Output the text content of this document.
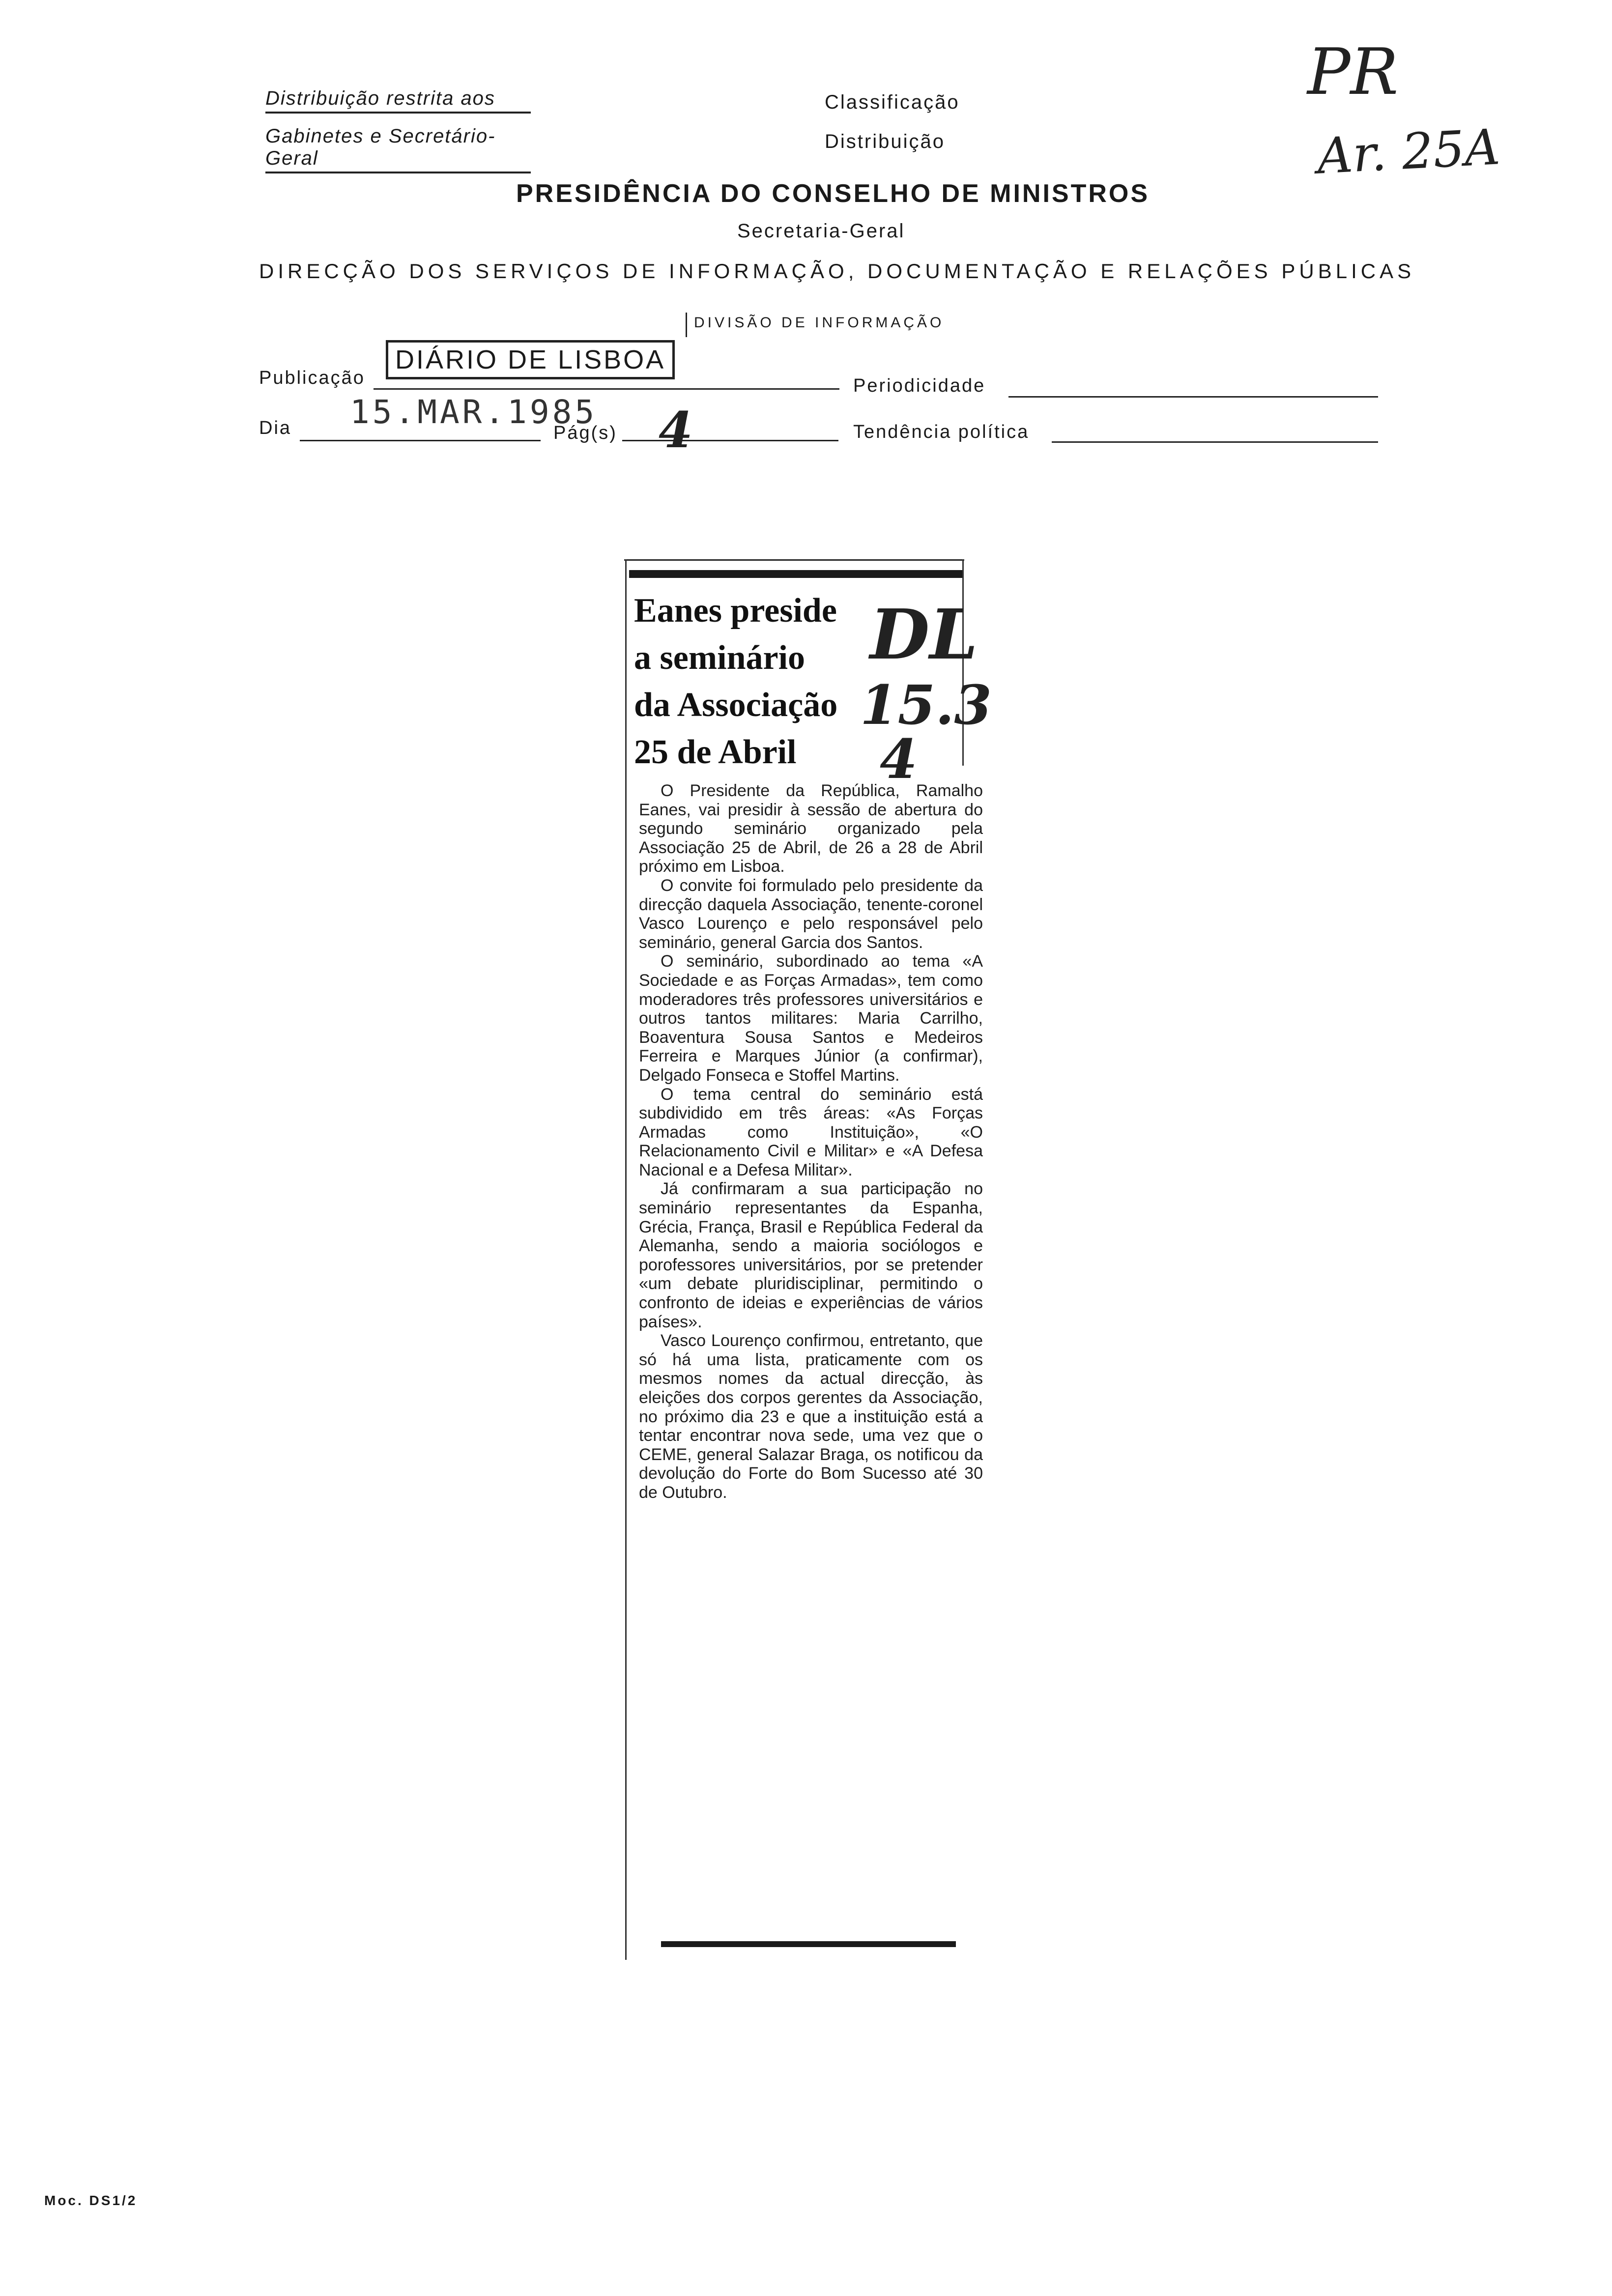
Distribuição restrita aos
Gabinetes e Secretário-Geral
Classificação
Distribuição
PR
Ar. 25A
PRESIDÊNCIA DO CONSELHO DE MINISTROS
Secretaria-Geral
DIRECÇÃO DOS SERVIÇOS DE INFORMAÇÃO, DOCUMENTAÇÃO E RELAÇÕES PÚBLICAS
DIVISÃO DE INFORMAÇÃO
Publicação
DIÁRIO DE LISBOA
Periodicidade
Dia 15.MAR.1985
Pág(s) 4	Tendência política
Eanes preside
a seminário
da Associação
25 de Abril
DL
15.3
4

O Presidente da República, Ramalho Eanes, vai presidir à sessão de abertura do segundo seminário organizado pela Associação 25 de Abril, de 26 a 28 de Abril próximo em Lisboa.

O convite foi formulado pelo presidente da direcção daquela Associação, tenente-coronel Vasco Lourenço e pelo responsável pelo seminário, general Garcia dos Santos.

O seminário, subordinado ao tema «A Sociedade e as Forças Armadas», tem como moderadores três professores universitários e outros tantos militares: Maria Carrilho, Boaventura Sousa Santos e Medeiros Ferreira e Marques Júnior (a confirmar), Delgado Fonseca e Stoffel Martins.

O tema central do seminário está subdividido em três áreas: «As Forças Armadas como Instituição», «O Relacionamento Civil e Militar» e «A Defesa Nacional e a Defesa Militar».

Já confirmaram a sua participação no seminário representantes da Espanha, Grécia, França, Brasil e República Federal da Alemanha, sendo a maioria sociólogos e porofessores universitários, por se pretender «um debate pluridisciplinar, permitindo o confronto de ideias e experiências de vários países».

Vasco Lourenço confirmou, entretanto, que só há uma lista, praticamente com os mesmos nomes da actual direcção, às eleições dos corpos gerentes da Associação, no próximo dia 23 e que a instituição está a tentar encontrar nova sede, uma vez que o CEME, general Salazar Braga, os notificou da devolução do Forte do Bom Sucesso até 30 de Outubro.

Moc. DS1/2
